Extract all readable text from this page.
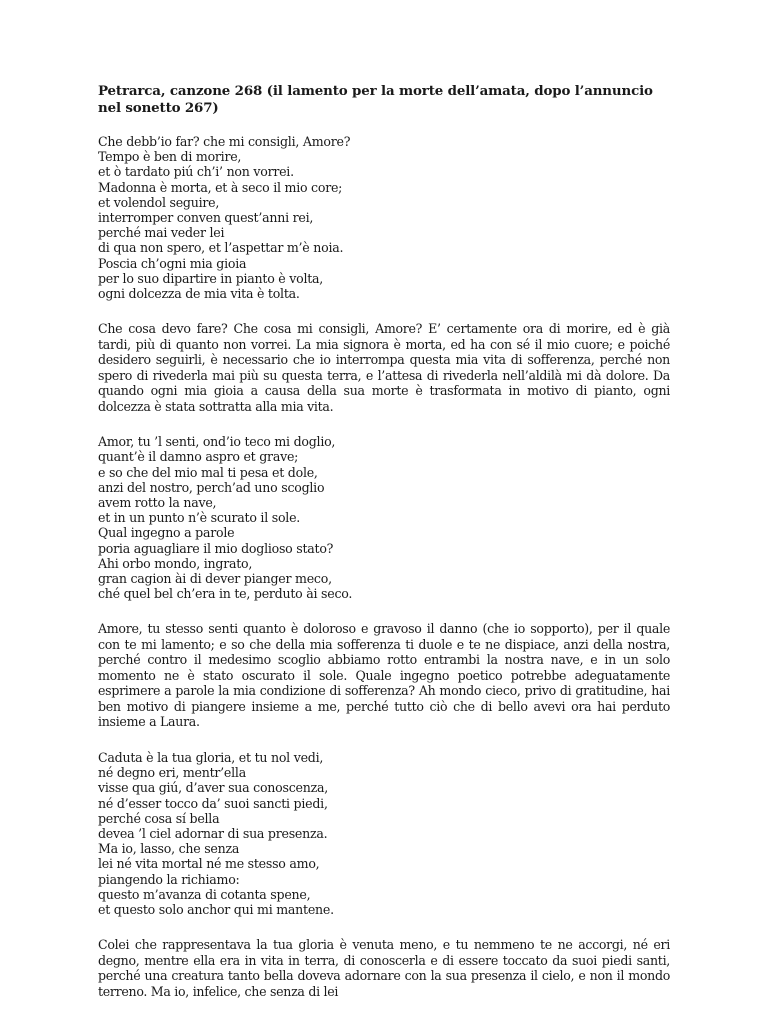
Petrarca, canzone 268 (il lamento per la morte dell’amata, dopo l’annuncio nel sonetto 267)
Che debb’io far? che mi consigli, Amore?
Tempo è ben di morire,
et ò tardato piú ch’i’ non vorrei.
Madonna è morta, et à seco il mio core;
et volendol seguire,
interromper conven quest’anni rei,
perché mai veder lei
di qua non spero, et l’aspettar m’è noia.
Poscia ch’ogni mia gioia
per lo suo dipartire in pianto è volta,
ogni dolcezza de mia vita è tolta.

Che cosa devo fare? Che cosa mi consigli, Amore? E’ certamente ora di morire, ed è già tardi, più di quanto non vorrei. La mia signora è morta, ed ha con sé il mio cuore; e poiché desidero seguirli, è necessario che io interrompa questa mia vita di sofferenza, perché non spero di rivederla mai più su questa terra, e l’attesa di rivederla nell’aldilà mi dà dolore. Da quando ogni mia gioia a causa della sua morte è trasformata in motivo di pianto, ogni dolcezza è stata sottratta alla mia vita.

Amor, tu ’l senti, ond’io teco mi doglio,
quant’è il damno aspro et grave;
e so che del mio mal ti pesa et dole,
anzi del nostro, perch’ad uno scoglio
avem rotto la nave,
et in un punto n’è scurato il sole.
Qual ingegno a parole
poria aguagliare il mio doglioso stato?
Ahi orbo mondo, ingrato,
gran cagion ài di dever pianger meco,
ché quel bel ch’era in te, perduto ài seco.

Amore, tu stesso senti quanto è doloroso e gravoso il danno (che io sopporto), per il quale con te mi lamento; e so che della mia sofferenza ti duole e te ne dispiace, anzi della nostra, perché contro il medesimo scoglio abbiamo rotto entrambi la nostra nave, e in un solo momento ne è stato oscurato il sole. Quale ingegno poetico potrebbe adeguatamente esprimere a parole la mia condizione di sofferenza? Ah mondo cieco, privo di gratitudine, hai ben motivo di piangere insieme a me, perché tutto ciò che di bello avevi ora hai perduto insieme a Laura.

Caduta è la tua gloria, et tu nol vedi,
né degno eri, mentr’ella
visse qua giú, d’aver sua conoscenza,
né d’esser tocco da’ suoi sancti piedi,
perché cosa sí bella
devea ’l ciel adornar di sua presenza.
Ma io, lasso, che senza
lei né vita mortal né me stesso amo,
piangendo la richiamo:
questo m’avanza di cotanta spene,
et questo solo anchor qui mi mantene.

Colei che rappresentava la tua gloria è venuta meno, e tu nemmeno te ne accorgi, né eri degno, mentre ella era in vita in terra, di conoscerla e di essere toccato da suoi piedi santi, perché una creatura tanto bella doveva adornare con la sua presenza il cielo, e non il mondo terreno. Ma io, infelice, che senza di lei
